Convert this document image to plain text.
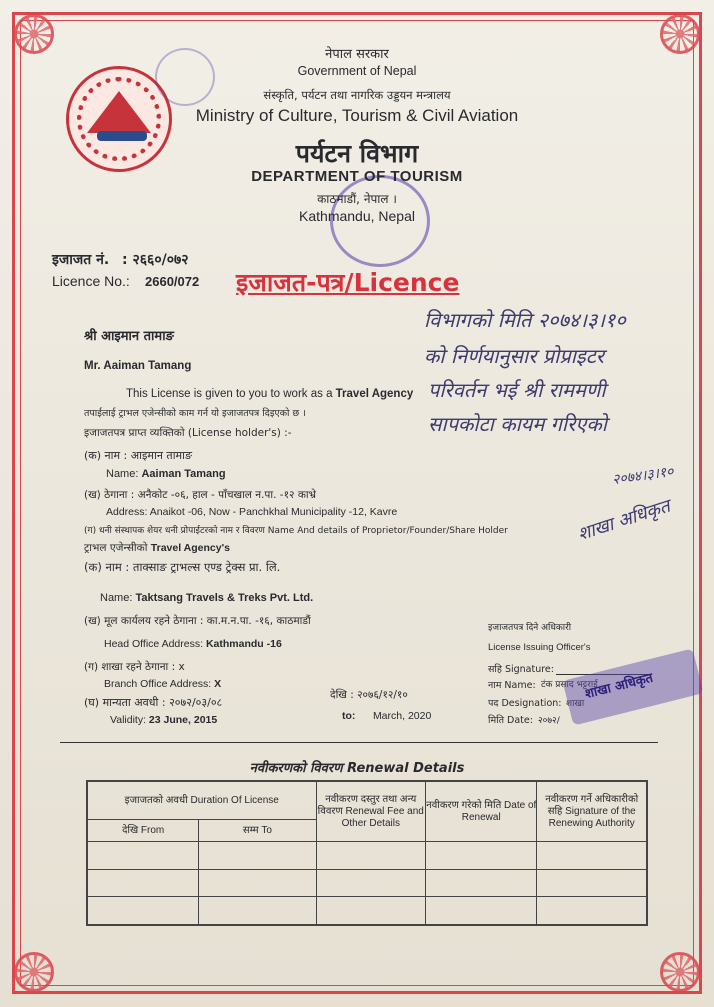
नेपाल सरकार
Government of Nepal
संस्कृति, पर्यटन तथा नागरिक उड्डयन मन्त्रालय
Ministry of Culture, Tourism & Civil Aviation
पर्यटन विभाग
DEPARTMENT OF TOURISM
काठमाडौं, नेपाल ।
Kathmandu, Nepal
इजाजत नं. : २६६०/०७२
Licence No.: 2660/072 इजाजत-पत्र/Licence
श्री आइमान तामाङ
Mr. Aaiman Tamang
This License is given to you to work as a Travel Agency
तपाईलाई ट्राभल एजेन्सीको काम गर्न यो इजाजतपत्र दिइएको छ ।
इजाजतपत्र प्राप्त व्यक्तिको (License holder's) :-
(क) नाम : आइमान तामाङ
Name: Aaiman Tamang
(ख) ठेगाना : अनैकोट -०६, हाल - पाँचखाल न.पा. -१२ काभ्रे
Address: Anaikot -06, Now - Panchkhal Municipality -12, Kavre
(ग) धनी संस्थापक शेयर धनी प्रोपाईटरको नाम र विवरण Name And details of Proprietor/Founder/Share Holder
ट्राभल एजेन्सीको Travel Agency's
(क) नाम : ताक्साङ ट्राभल्स एण्ड ट्रेक्स प्रा. लि.
Name: Taktsang Travels & Treks Pvt. Ltd.
(ख) मूल कार्यलय रहने ठेगाना : का.म.न.पा. -१६, काठमाडौं
Head Office Address: Kathmandu -16
(ग) शाखा रहने ठेगाना : x
Branch Office Address: X
(घ) मान्यता अवधी : २०७२/०३/०८
Validity: 23 June, 2015
देखि : २०७६/१२/१०
to: March, 2020
इजाजतपत्र दिने अधिकारी
License Issuing Officer's
सहि Signature:
नाम Name: टंक प्रसाद भट्टराई
पद Designation: शाखा
मिति Date: २०७२/
शाखा अधिकृत
विभागको मिति २०७४।३।१०
को निर्णयानुसार प्रोप्राइटर
परिवर्तन भई श्री राममणी
सापकोटा कायम गरिएको
२०७४।३।१०
शाखा अधिकृत
नवीकरणको विवरण Renewal Details
इजाजतको अवधी Duration Of License		नवीकरण दस्तुर तथा अन्य विवरण Renewal Fee and Other Details	नवीकरण गरेको मिति Date of Renewal	नवीकरण गर्ने अधिकारीको सहि Signature of the Renewing Authority
देखि From	सम्म To			
